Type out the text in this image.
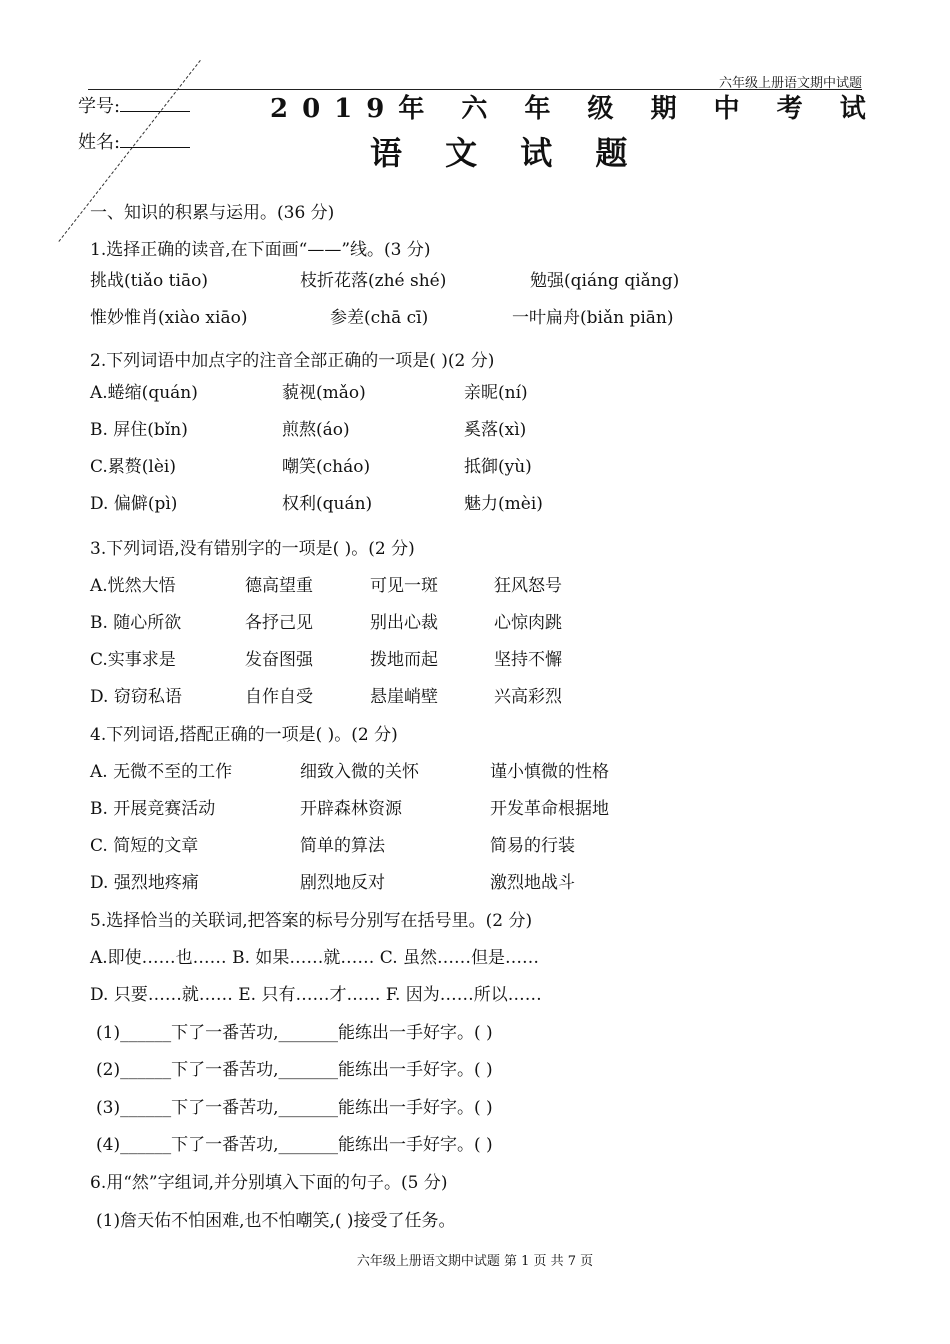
六年级上册语文期中试题
学号:
姓名:
2019年 六 年 级 期 中 考 试
语 文 试 题
一、知识的积累与运用。(36 分)
1.选择正确的读音,在下面画“——”线。(3 分)
挑战(tiǎo tiāo)	枝折花落(zhé shé)	勉强(qiáng qiǎng)
惟妙惟肖(xiào xiāo)	参差(chā cī)	一叶扁舟(biǎn piān)
2.下列词语中加点字的注音全部正确的一项是( )(2 分)
A.蜷缩(quán)	藐视(mǎo)	亲昵(ní)
B. 屏住(bǐn)	煎熬(áo)	奚落(xì)
C.累赘(lèi)	嘲笑(cháo)	抵御(yù)
D. 偏僻(pì)	权利(quán)	魅力(mèi)
3.下列词语,没有错别字的一项是( )。(2 分)
A.恍然大悟	德高望重	可见一斑	狂风怒号
B. 随心所欲	各抒己见	别出心裁	心惊肉跳
C.实事求是	发奋图强	拨地而起	坚持不懈
D. 窃窃私语	自作自受	悬崖峭壁	兴高彩烈
4.下列词语,搭配正确的一项是( )。(2 分)
A. 无微不至的工作	细致入微的关怀	谨小慎微的性格
B. 开展竞赛活动	开辟森林资源	开发革命根据地
C. 简短的文章	简单的算法	简易的行装
D. 强烈地疼痛	剧烈地反对	激烈地战斗
5.选择恰当的关联词,把答案的标号分别写在括号里。(2 分)
A.即使……也…… B. 如果……就…… C. 虽然……但是……
D. 只要……就…… E. 只有……才…… F. 因为……所以……
(1)______下了一番苦功,_______能练出一手好字。( )
(2)______下了一番苦功,_______能练出一手好字。( )
(3)______下了一番苦功,_______能练出一手好字。( )
(4)______下了一番苦功,_______能练出一手好字。( )
6.用“然”字组词,并分别填入下面的句子。(5 分)
(1)詹天佑不怕困难,也不怕嘲笑,( )接受了任务。
六年级上册语文期中试题 第 1 页 共 7 页
